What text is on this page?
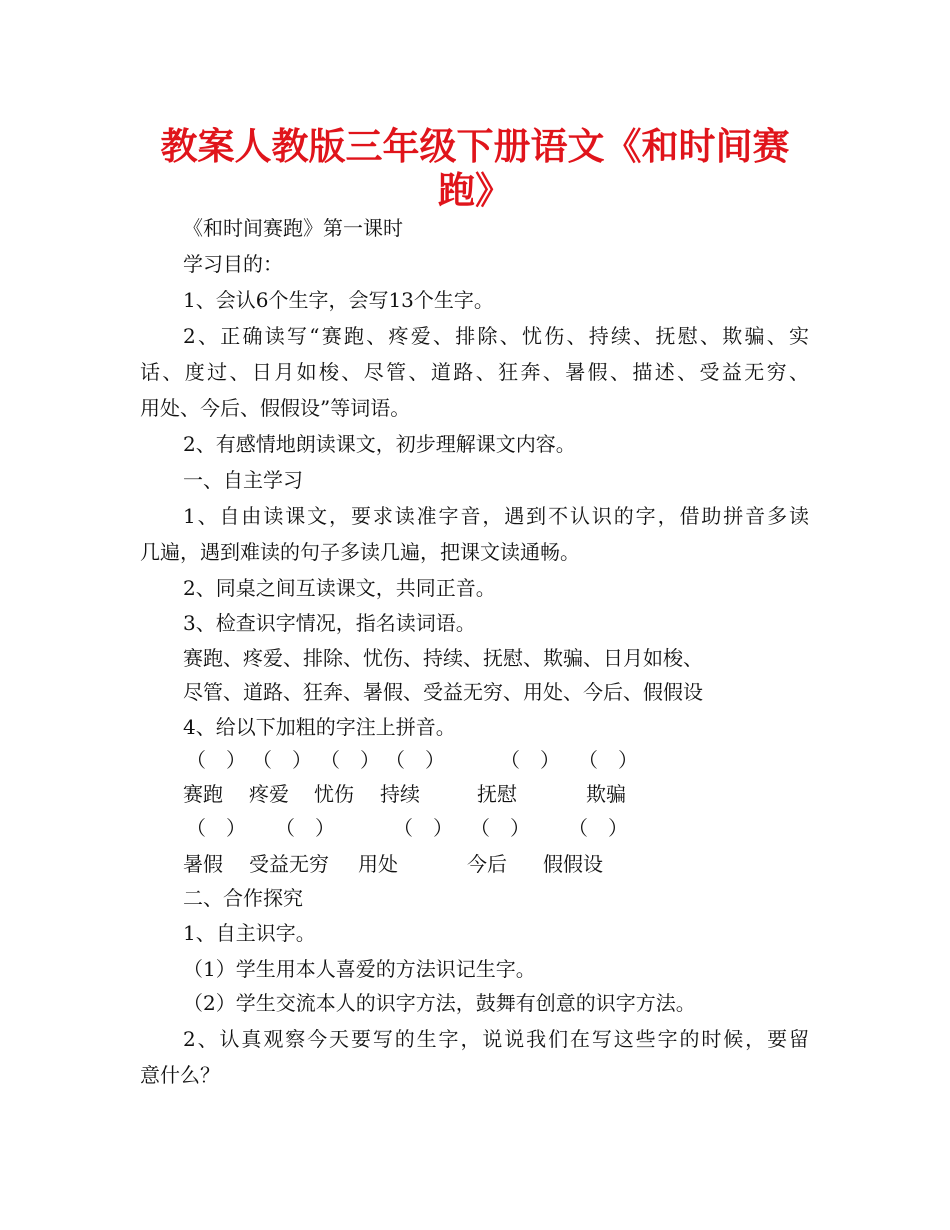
教案人教版三年级下册语文《和时间赛
跑》

《和时间赛跑》第一课时

学习目的：

1、会认6个生字，会写13个生字。

2、正确读写“赛跑、疼爱、排除、忧伤、持续、抚慰、欺骗、实

话、度过、日月如梭、尽管、道路、狂奔、暑假、描述、受益无穷、

用处、今后、假假设”等词语。

2、有感情地朗读课文，初步理解课文内容。

一、自主学习

1、自由读课文，要求读准字音，遇到不认识的字，借助拼音多读

几遍，遇到难读的句子多读几遍，把课文读通畅。

2、同桌之间互读课文，共同正音。

3、检查识字情况，指名读词语。

赛跑、疼爱、排除、忧伤、持续、抚慰、欺骗、日月如梭、

尽管、道路、狂奔、暑假、受益无穷、用处、今后、假假设

4、给以下加粗的字注上拼音。

（　） （　） （　） （　）	（　） （　）
赛跑 疼爱 忧伤 持续	抚慰	欺骗
（　） （　）	（　） （　） （　）
暑假 受益无穷 用处	今后 假假设

二、合作探究

1、自主识字。

（1）学生用本人喜爱的方法识记生字。

（2）学生交流本人的识字方法，鼓舞有创意的识字方法。

2、认真观察今天要写的生字，说说我们在写这些字的时候，要留

意什么？
